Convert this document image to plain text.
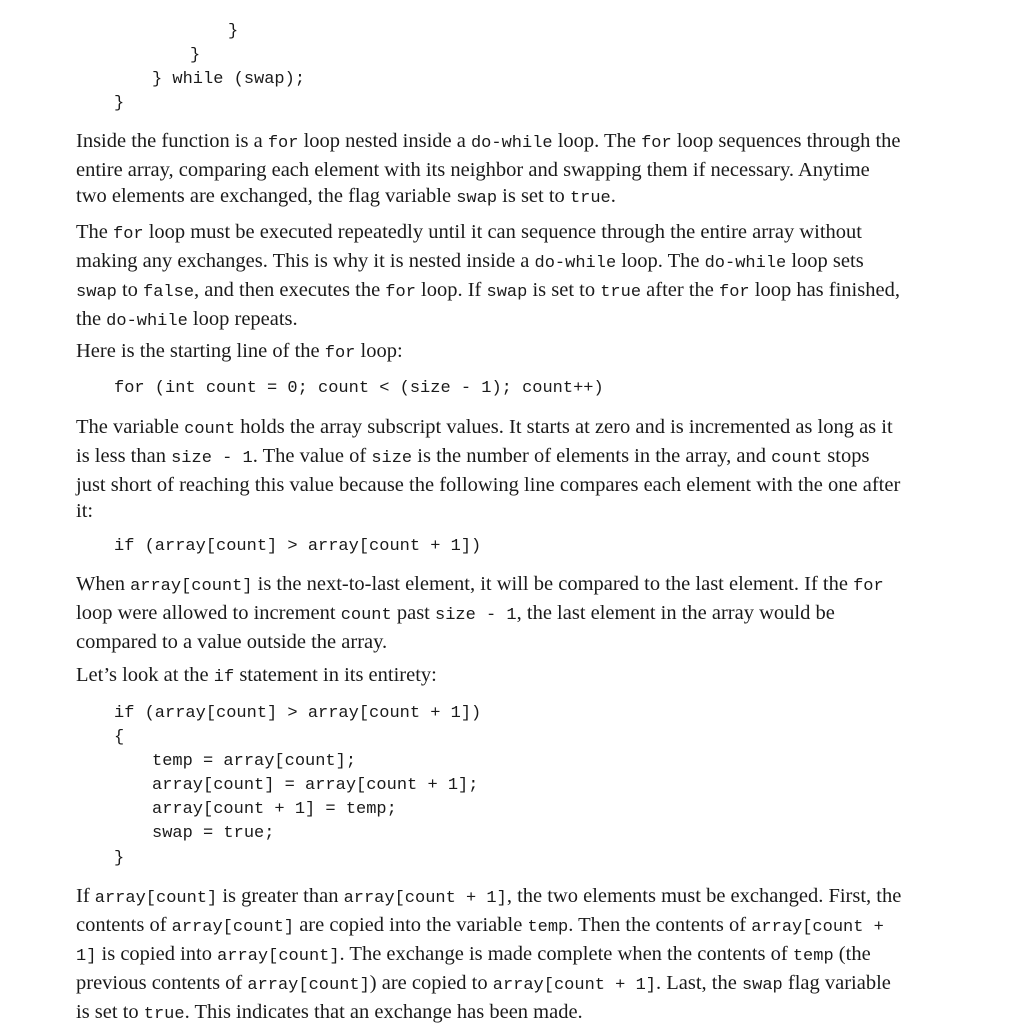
}
}
} while (swap);
}

Inside the function is a for loop nested inside a do-while loop. The for loop sequences through the entire array, comparing each element with its neighbor and swapping them if necessary. Anytime two elements are exchanged, the flag variable swap is set to true.

The for loop must be executed repeatedly until it can sequence through the entire array without making any exchanges. This is why it is nested inside a do-while loop. The do-while loop sets swap to false, and then executes the for loop. If swap is set to true after the for loop has finished, the do-while loop repeats.

Here is the starting line of the for loop:

for (int count = 0; count < (size - 1); count++)

The variable count holds the array subscript values. It starts at zero and is incremented as long as it is less than size - 1. The value of size is the number of elements in the array, and count stops just short of reaching this value because the following line compares each element with the one after it:

if (array[count] > array[count + 1])

When array[count] is the next-to-last element, it will be compared to the last element. If the for loop were allowed to increment count past size - 1, the last element in the array would be compared to a value outside the array.

Let’s look at the if statement in its entirety:

if (array[count] > array[count + 1])
{
temp = array[count];
array[count] = array[count + 1];
array[count + 1] = temp;
swap = true;
}

If array[count] is greater than array[count + 1], the two elements must be exchanged. First, the contents of array[count] are copied into the variable temp. Then the contents of array[count + 1] is copied into array[count]. The exchange is made complete when the contents of temp (the previous contents of array[count]) are copied to array[count + 1]. Last, the swap flag variable is set to true. This indicates that an exchange has been made.
